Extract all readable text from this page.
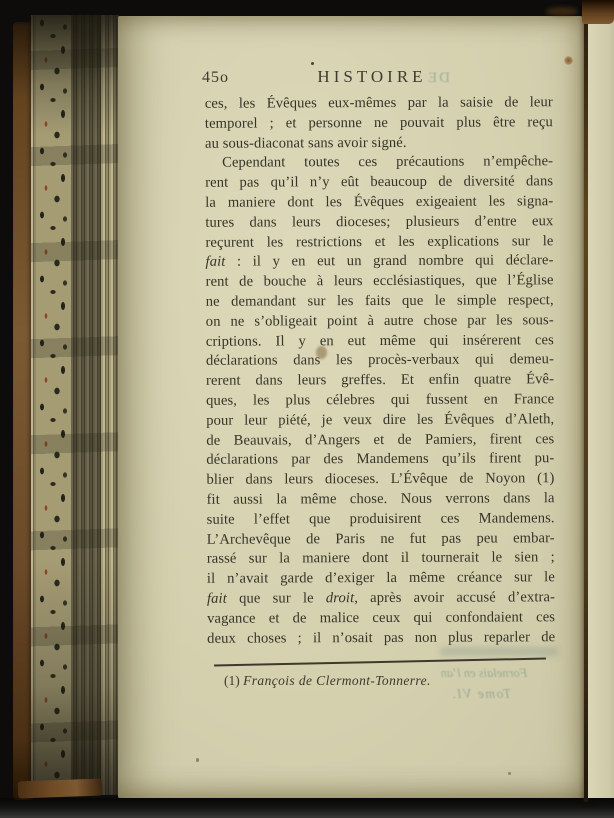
45o	HISTOIRE DE
ces, les Évêques eux-mêmes par la saisie de leur
temporel ; et personne ne pouvait plus être reçu
au sous-diaconat sans avoir signé.
Cependant toutes ces précautions n’empêche-
rent pas qu’il n’y eût beaucoup de diversité dans
la maniere dont les Évêques exigeaient les signa-
tures dans leurs dioceses; plusieurs d’entre eux
reçurent les restrictions et les explications sur le
fait : il y en eut un grand nombre qui déclare-
rent de bouche à leurs ecclésiastiques, que l’Église
ne demandant sur les faits que le simple respect,
on ne s’obligeait point à autre chose par les sous-
criptions. Il y en eut même qui insérerent ces
déclarations dans les procès-verbaux qui demeu-
rerent dans leurs greffes. Et enfin quatre Évê-
ques, les plus célebres qui fussent en France
pour leur piété, je veux dire les Évêques d’Aleth,
de Beauvais, d’Angers et de Pamiers, firent ces
déclarations par des Mandemens qu’ils firent pu-
blier dans leurs dioceses. L’Évêque de Noyon (1)
fit aussi la même chose. Nous verrons dans la
suite l’effet que produisirent ces Mandemens.
L’Archevêque de Paris ne fut pas peu embar-
rassé sur la maniere dont il tournerait le sien ;
il n’avait garde d’exiger la même créance sur le
fait que sur le droit, après avoir accusé d’extra-
vagance et de malice ceux qui confondaient ces
deux choses ; il n’osait pas non plus reparler de
(1) François de Clermont-Tonnerre. Fornelais en l’an
Tome VI.
